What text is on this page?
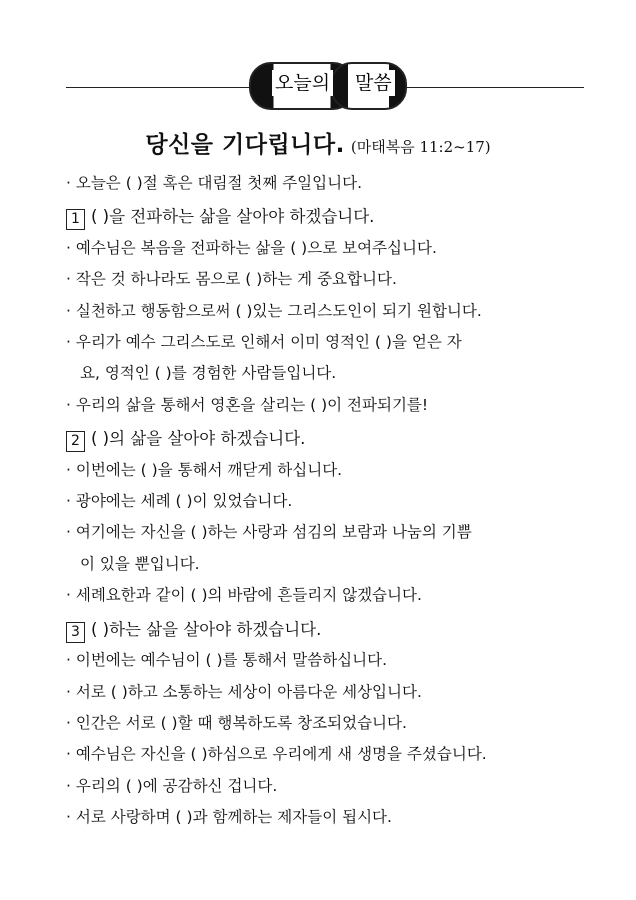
오늘의 말씀
당신을 기다립니다. (마태복음 11:2~17)
· 오늘은 ( )절 혹은 대림절 첫째 주일입니다.
1 ( )을 전파하는 삶을 살아야 하겠습니다.
· 예수님은 복음을 전파하는 삶을 ( )으로 보여주십니다.
· 작은 것 하나라도 몸으로 ( )하는 게 중요합니다.
· 실천하고 행동함으로써 ( )있는 그리스도인이 되기 원합니다.
· 우리가 예수 그리스도로 인해서 이미 영적인 ( )을 얻은 자
요, 영적인 ( )를 경험한 사람들입니다.
· 우리의 삶을 통해서 영혼을 살리는 ( )이 전파되기를!
2 ( )의 삶을 살아야 하겠습니다.
· 이번에는 ( )을 통해서 깨닫게 하십니다.
· 광야에는 세례 ( )이 있었습니다.
· 여기에는 자신을 ( )하는 사랑과 섬김의 보람과 나눔의 기쁨
이 있을 뿐입니다.
· 세례요한과 같이 ( )의 바람에 흔들리지 않겠습니다.
3 ( )하는 삶을 살아야 하겠습니다.
· 이번에는 예수님이 ( )를 통해서 말씀하십니다.
· 서로 ( )하고 소통하는 세상이 아름다운 세상입니다.
· 인간은 서로 ( )할 때 행복하도록 창조되었습니다.
· 예수님은 자신을 ( )하심으로 우리에게 새 생명을 주셨습니다.
· 우리의 ( )에 공감하신 겁니다.
· 서로 사랑하며 ( )과 함께하는 제자들이 됩시다.
